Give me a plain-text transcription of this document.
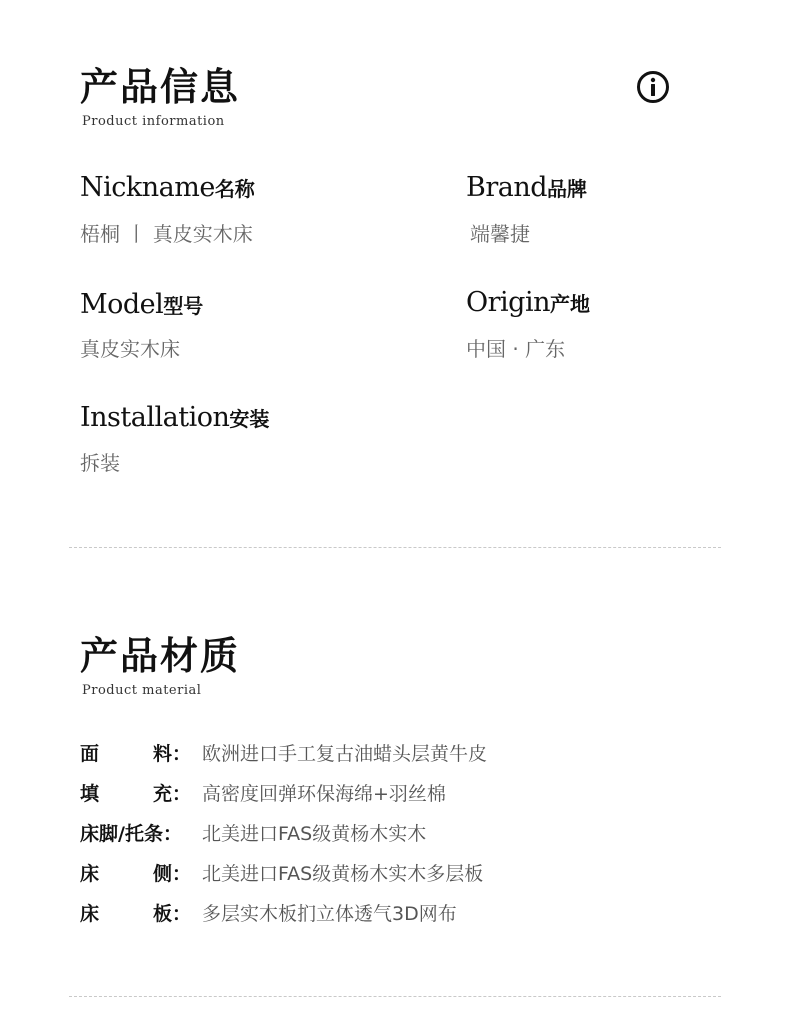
产品信息
Product information
Nickname名称
梧桐 丨 真皮实木床
Brand品牌
端馨捷
Model型号
真皮实木床
Origin产地
中国 · 广东
Installation安装
拆装
产品材质
Product material
面	料： 欧洲进口手工复古油蜡头层黄牛皮
填	充： 高密度回弹环保海绵+羽丝棉
床脚/托条： 北美进口FAS级黄杨木实木
床	侧： 北美进口FAS级黄杨木实木多层板
床	板： 多层实木板扪立体透气3D网布
